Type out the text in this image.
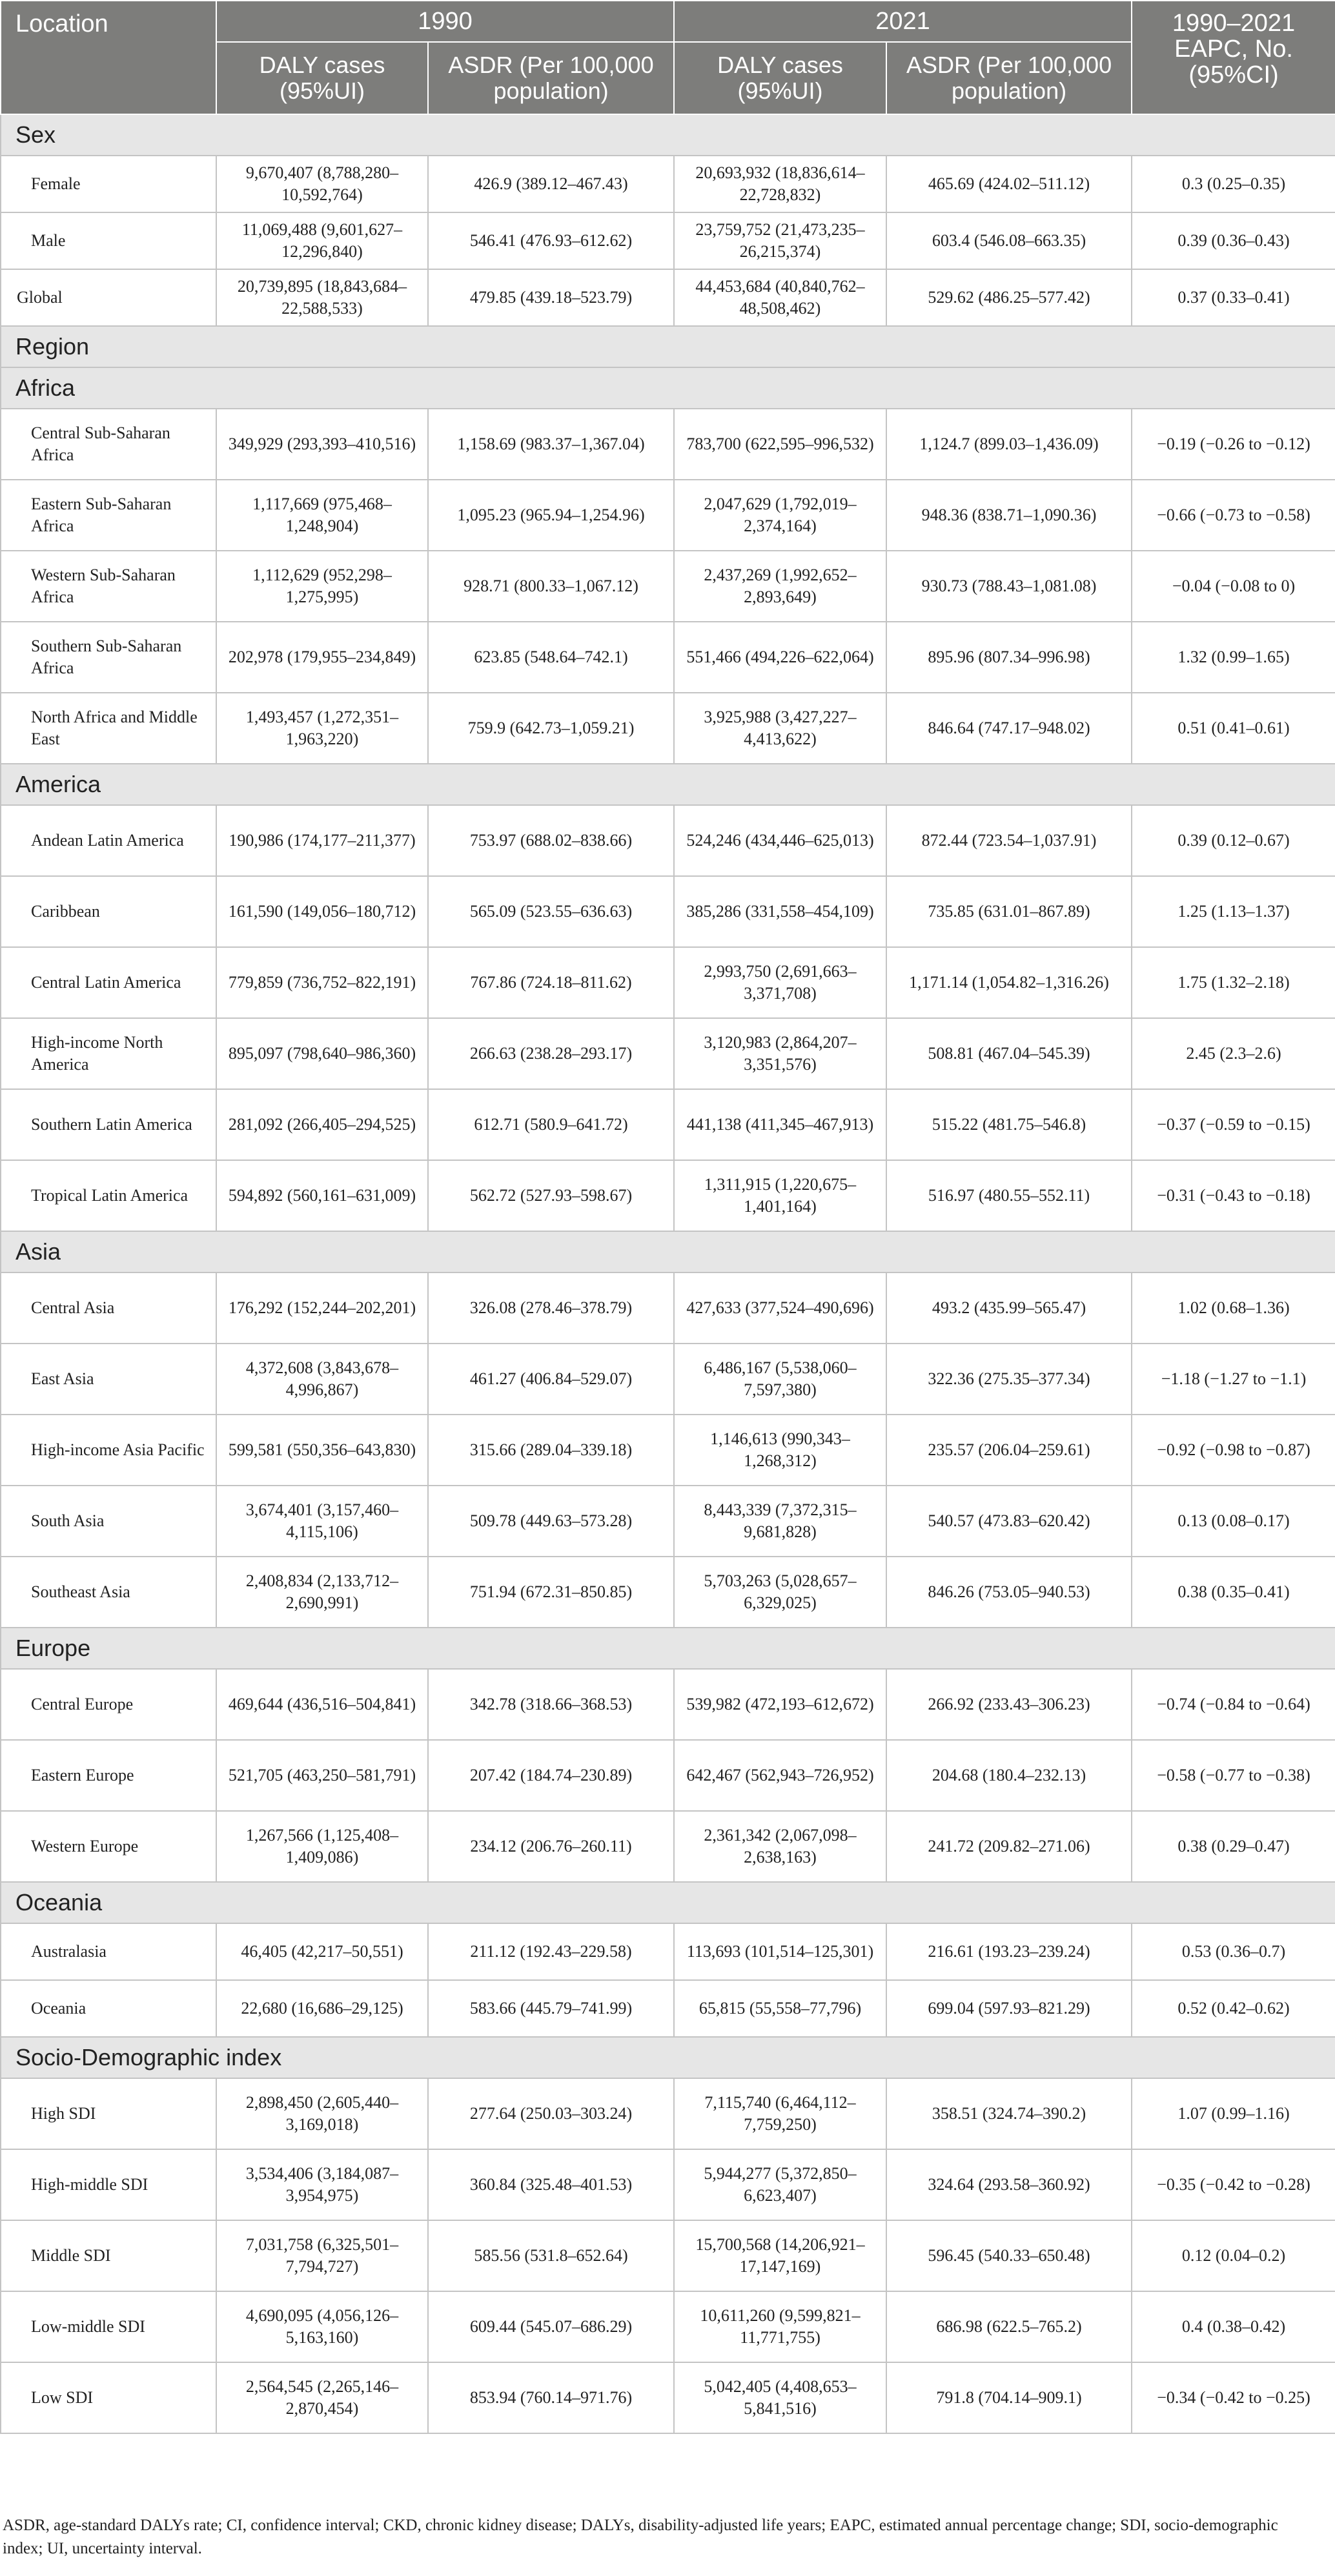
Location	1990		2021		1990–2021 EAPC, No. (95%CI)
	DALY cases (95%UI)	ASDR (Per 100,000 population)	DALY cases (95%UI)	ASDR (Per 100,000 population)	
Sex					
Female	9,670,407 (8,788,280–10,592,764)	426.9 (389.12–467.43)	20,693,932 (18,836,614–22,728,832)	465.69 (424.02–511.12)	0.3 (0.25–0.35)
Male	11,069,488 (9,601,627–12,296,840)	546.41 (476.93–612.62)	23,759,752 (21,473,235–26,215,374)	603.4 (546.08–663.35)	0.39 (0.36–0.43)
Global	20,739,895 (18,843,684–22,588,533)	479.85 (439.18–523.79)	44,453,684 (40,840,762–48,508,462)	529.62 (486.25–577.42)	0.37 (0.33–0.41)
Region					
Africa					
Central Sub-Saharan Africa	349,929 (293,393–410,516)	1,158.69 (983.37–1,367.04)	783,700 (622,595–996,532)	1,124.7 (899.03–1,436.09)	−0.19 (−0.26 to −0.12)
Eastern Sub-Saharan Africa	1,117,669 (975,468–1,248,904)	1,095.23 (965.94–1,254.96)	2,047,629 (1,792,019–2,374,164)	948.36 (838.71–1,090.36)	−0.66 (−0.73 to −0.58)
Western Sub-Saharan Africa	1,112,629 (952,298–1,275,995)	928.71 (800.33–1,067.12)	2,437,269 (1,992,652–2,893,649)	930.73 (788.43–1,081.08)	−0.04 (−0.08 to 0)
Southern Sub-Saharan Africa	202,978 (179,955–234,849)	623.85 (548.64–742.1)	551,466 (494,226–622,064)	895.96 (807.34–996.98)	1.32 (0.99–1.65)
North Africa and Middle East	1,493,457 (1,272,351–1,963,220)	759.9 (642.73–1,059.21)	3,925,988 (3,427,227–4,413,622)	846.64 (747.17–948.02)	0.51 (0.41–0.61)
America					
Andean Latin America	190,986 (174,177–211,377)	753.97 (688.02–838.66)	524,246 (434,446–625,013)	872.44 (723.54–1,037.91)	0.39 (0.12–0.67)
Caribbean	161,590 (149,056–180,712)	565.09 (523.55–636.63)	385,286 (331,558–454,109)	735.85 (631.01–867.89)	1.25 (1.13–1.37)
Central Latin America	779,859 (736,752–822,191)	767.86 (724.18–811.62)	2,993,750 (2,691,663–3,371,708)	1,171.14 (1,054.82–1,316.26)	1.75 (1.32–2.18)
High-income North America	895,097 (798,640–986,360)	266.63 (238.28–293.17)	3,120,983 (2,864,207–3,351,576)	508.81 (467.04–545.39)	2.45 (2.3–2.6)
Southern Latin America	281,092 (266,405–294,525)	612.71 (580.9–641.72)	441,138 (411,345–467,913)	515.22 (481.75–546.8)	−0.37 (−0.59 to −0.15)
Tropical Latin America	594,892 (560,161–631,009)	562.72 (527.93–598.67)	1,311,915 (1,220,675–1,401,164)	516.97 (480.55–552.11)	−0.31 (−0.43 to −0.18)
Asia					
Central Asia	176,292 (152,244–202,201)	326.08 (278.46–378.79)	427,633 (377,524–490,696)	493.2 (435.99–565.47)	1.02 (0.68–1.36)
East Asia	4,372,608 (3,843,678–4,996,867)	461.27 (406.84–529.07)	6,486,167 (5,538,060–7,597,380)	322.36 (275.35–377.34)	−1.18 (−1.27 to −1.1)
High-income Asia Pacific	599,581 (550,356–643,830)	315.66 (289.04–339.18)	1,146,613 (990,343–1,268,312)	235.57 (206.04–259.61)	−0.92 (−0.98 to −0.87)
South Asia	3,674,401 (3,157,460–4,115,106)	509.78 (449.63–573.28)	8,443,339 (7,372,315–9,681,828)	540.57 (473.83–620.42)	0.13 (0.08–0.17)
Southeast Asia	2,408,834 (2,133,712–2,690,991)	751.94 (672.31–850.85)	5,703,263 (5,028,657–6,329,025)	846.26 (753.05–940.53)	0.38 (0.35–0.41)
Europe					
Central Europe	469,644 (436,516–504,841)	342.78 (318.66–368.53)	539,982 (472,193–612,672)	266.92 (233.43–306.23)	−0.74 (−0.84 to −0.64)
Eastern Europe	521,705 (463,250–581,791)	207.42 (184.74–230.89)	642,467 (562,943–726,952)	204.68 (180.4–232.13)	−0.58 (−0.77 to −0.38)
Western Europe	1,267,566 (1,125,408–1,409,086)	234.12 (206.76–260.11)	2,361,342 (2,067,098–2,638,163)	241.72 (209.82–271.06)	0.38 (0.29–0.47)
Oceania					
Australasia	46,405 (42,217–50,551)	211.12 (192.43–229.58)	113,693 (101,514–125,301)	216.61 (193.23–239.24)	0.53 (0.36–0.7)
Oceania	22,680 (16,686–29,125)	583.66 (445.79–741.99)	65,815 (55,558–77,796)	699.04 (597.93–821.29)	0.52 (0.42–0.62)
Socio-Demographic index					
High SDI	2,898,450 (2,605,440–3,169,018)	277.64 (250.03–303.24)	7,115,740 (6,464,112–7,759,250)	358.51 (324.74–390.2)	1.07 (0.99–1.16)
High-middle SDI	3,534,406 (3,184,087–3,954,975)	360.84 (325.48–401.53)	5,944,277 (5,372,850–6,623,407)	324.64 (293.58–360.92)	−0.35 (−0.42 to −0.28)
Middle SDI	7,031,758 (6,325,501–7,794,727)	585.56 (531.8–652.64)	15,700,568 (14,206,921–17,147,169)	596.45 (540.33–650.48)	0.12 (0.04–0.2)
Low-middle SDI	4,690,095 (4,056,126–5,163,160)	609.44 (545.07–686.29)	10,611,260 (9,599,821–11,771,755)	686.98 (622.5–765.2)	0.4 (0.38–0.42)
Low SDI	2,564,545 (2,265,146–2,870,454)	853.94 (760.14–971.76)	5,042,405 (4,408,653–5,841,516)	791.8 (704.14–909.1)	−0.34 (−0.42 to −0.25)
ASDR, age-standard DALYs rate; CI, confidence interval; CKD, chronic kidney disease; DALYs, disability-adjusted life years; EAPC, estimated annual percentage change; SDI, socio-demographic index; UI, uncertainty interval.
